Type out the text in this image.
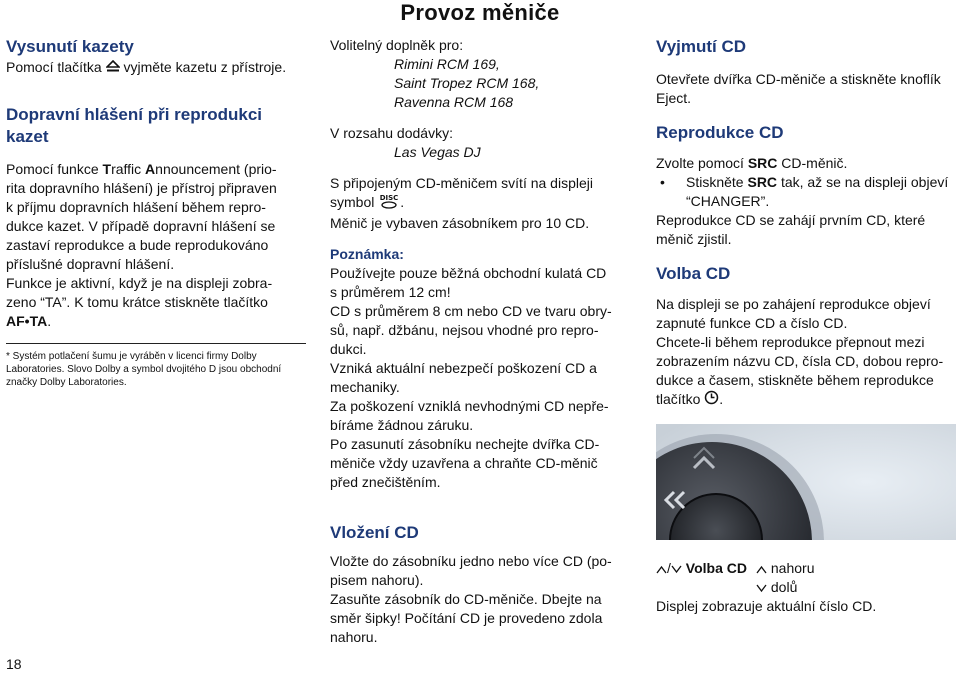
Provoz měniče

Vysunutí kazety

Pomocí tlačítka vyjměte kazetu z přístroje.

Dopravní hlášení při reprodukci kazet

Pomocí funkce Traffic Announcement (prio-
rita dopravního hlášení) je přístroj připraven
k příjmu dopravních hlášení během repro-
dukce kazet. V případě dopravní hlášení se
zastaví reprodukce a bude reprodukováno
příslušné dopravní hlášení.

Funkce je aktivní, když je na displeji zobra-
zeno “TA”. K tomu krátce stiskněte tlačítko
AF•TA.

* Systém potlačení šumu je vyráběn v licenci firmy Dolby
Laboratories. Slovo Dolby a symbol dvojitého D jsou obchodní
značky Dolby Laboratories.

Volitelný doplněk pro:

Rimini RCM 169,

Saint Tropez RCM 168,

Ravenna RCM 168

V rozsahu dodávky:

Las Vegas DJ

S připojeným CD-měničem svítí na displeji
symbol DISC .
Měnič je vybaven zásobníkem pro 10 CD.

Poznámka:

Používejte pouze běžná obchodní kulatá CD
s průměrem 12 cm!
CD s průměrem 8 cm nebo CD ve tvaru obry-
sů, např. džbánu, nejsou vhodné pro repro-
dukci.
Vzniká aktuální nebezpečí poškození CD a
mechaniky.
Za poškození vzniklá nevhodnými CD nepře-
bíráme žádnou záruku.
Po zasunutí zásobníku nechejte dvířka CD-
měniče vždy uzavřena a chraňte CD-měnič
před znečištěním.

Vložení CD

Vložte do zásobníku jedno nebo více CD (po-
pisem nahoru).
Zasuňte zásobník do CD-měniče. Dbejte na
směr šipky! Počítání CD je provedeno zdola
nahoru.

Vyjmutí CD

Otevřete dvířka CD-měniče a stiskněte knoflík
Eject.

Reprodukce CD

Zvolte pomocí SRC CD-měnič.

•	Stiskněte SRC tak, až se na displeji objeví
“CHANGER”.

Reprodukce CD se zahájí prvním CD, které
měnič zjistil.

Volba CD

Na displeji se po zahájení reprodukce objeví
zapnuté funkce CD a číslo CD.
Chcete-li během reprodukce přepnout mezi
zobrazením názvu CD, čísla CD, dobou repro-
dukce a časem, stiskněte během reprodukce
tlačítko .

/ Volba CD	nahoru
dolů

Displej zobrazuje aktuální číslo CD.

18
